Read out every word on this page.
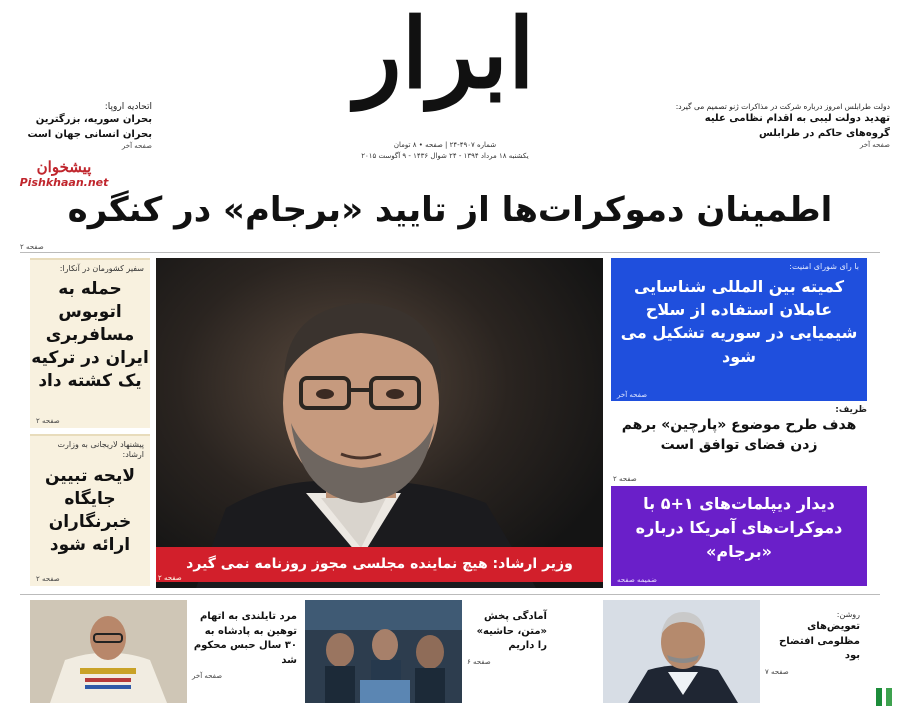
دولت طرابلس امروز درباره شرکت در مذاکرات ژنو تصمیم می گیرد:
تهدید دولت لیبی به اقدام نظامی علیه گروه‌های حاکم در طرابلس
صفحه آخر
ابرار
شماره ۴۹۰۷-۲۴ | صفحه • ۸ تومان
یکشنبه ۱۸ مرداد ۱۳۹۴ - ۲۴ شوال ۱۴۳۶ - ۹ آگوست ۲۰۱۵
اتحادیه اروپا:
بحران سوریه، بزرگترین بحران انسانی جهان است
صفحه آخر
پیشخوان
Pishkhaan.net
اطمینان دموکرات‌ها از تایید «برجام» در کنگره
صفحه ۲
سفیر کشورمان در آنکارا:
حمله به اتوبوس مسافربری ایران در ترکیه یک کشته داد
صفحه ۲
پیشنهاد لاریجانی به وزارت ارشاد:
لایحه تبیین جایگاه خبرنگاران ارائه شود
صفحه ۲
وزیر ارشاد: هیچ نماینده مجلسی مجوز روزنامه نمی گیرد
صفحه ۲
با رای شورای امنیت:
کمیته بین المللی شناسایی عاملان استفاده از سلاح شیمیایی در سوریه تشکیل می شود
صفحه آخر
ظریف:
هدف طرح موضوع «پارچین» برهم زدن فضای توافق است
صفحه ۲
دیدار دیپلمات‌های ۱+۵ با دموکرات‌های آمریکا درباره «برجام»
ضمیمه صفحه
مرد تایلندی به اتهام توهین به پادشاه به ۳۰ سال حبس محکوم شد
صفحه آخر
آمادگی پخش «متن، حاشیه» را داریم
صفحه ۶
روشن:
تعویض‌های مظلومی افتضاح بود
صفحه ۷
